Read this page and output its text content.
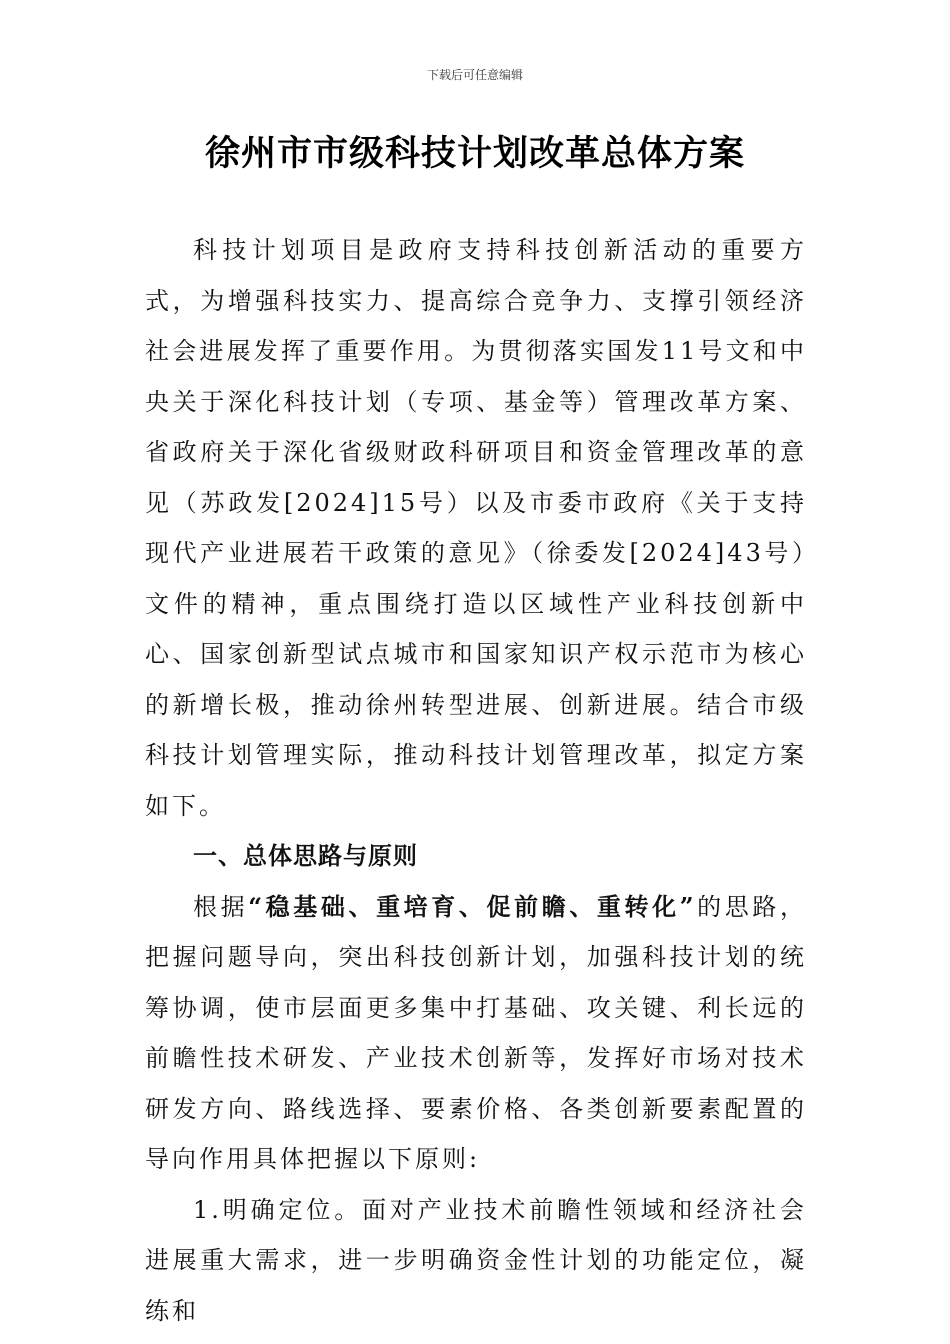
下载后可任意编辑
徐州市市级科技计划改革总体方案

科技计划项目是政府支持科技创新活动的重要方式，为增强科技实力、提高综合竞争力、支撑引领经济社会进展发挥了重要作用。为贯彻落实国发11号文和中央关于深化科技计划（专项、基金等）管理改革方案、省政府关于深化省级财政科研项目和资金管理改革的意见（苏政发[2024]15号）以及市委市政府《关于支持现代产业进展若干政策的意见》（徐委发[2024]43号）文件的精神，重点围绕打造以区域性产业科技创新中心、国家创新型试点城市和国家知识产权示范市为核心的新增长极，推动徐州转型进展、创新进展。结合市级科技计划管理实际，推动科技计划管理改革，拟定方案如下。

一、总体思路与原则

根据“稳基础、重培育、促前瞻、重转化”的思路，把握问题导向，突出科技创新计划，加强科技计划的统筹协调，使市层面更多集中打基础、攻关键、利长远的前瞻性技术研发、产业技术创新等，发挥好市场对技术研发方向、路线选择、要素价格、各类创新要素配置的导向作用具体把握以下原则:

1.明确定位。面对产业技术前瞻性领域和经济社会进展重大需求，进一步明确资金性计划的功能定位，凝练和
